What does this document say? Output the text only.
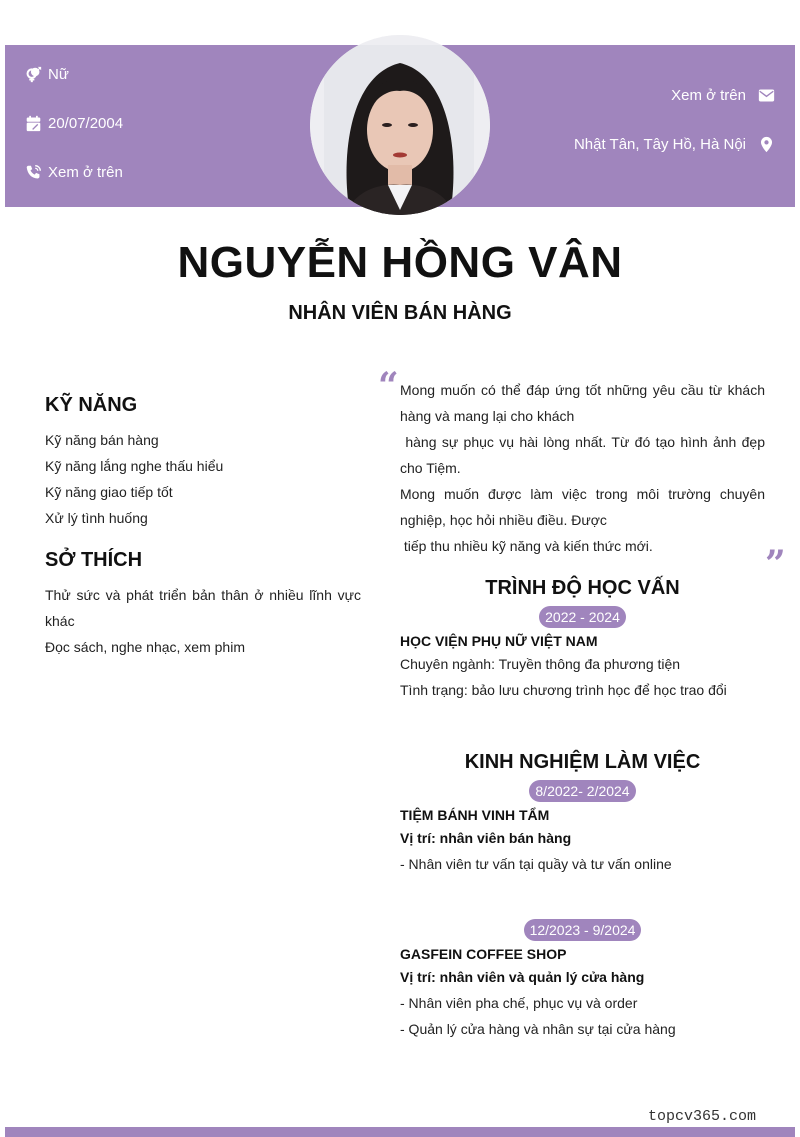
Nữ
20/07/2004
Xem ở trên
Xem ở trên
Nhật Tân, Tây Hồ, Hà Nội
NGUYỄN HỒNG VÂN
NHÂN VIÊN BÁN HÀNG
KỸ NĂNG
Kỹ năng bán hàng
Kỹ năng lắng nghe thấu hiểu
Kỹ năng giao tiếp tốt
Xử lý tình huống
SỞ THÍCH
Thử sức và phát triển bản thân ở nhiều lĩnh vực khác
Đọc sách, nghe nhạc, xem phim
“ Mong muốn có thể đáp ứng tốt những yêu cầu từ khách hàng và mang lại cho khách
hàng sự phục vụ hài lòng nhất. Từ đó tạo hình ảnh đẹp cho Tiệm.
Mong muốn được làm việc trong môi trường chuyên nghiệp, học hỏi nhiều điều. Được
tiếp thu nhiều kỹ năng và kiến thức mới.	”
TRÌNH ĐỘ HỌC VẤN
2022 - 2024
HỌC VIỆN PHỤ NỮ VIỆT NAM
Chuyên ngành: Truyền thông đa phương tiện
Tình trạng: bảo lưu chương trình học để học trao đổi
KINH NGHIỆM LÀM VIỆC
8/2022- 2/2024
TIỆM BÁNH VINH TẨM
Vị trí: nhân viên bán hàng
- Nhân viên tư vấn tại quầy và tư vấn online
12/2023 - 9/2024
GASFEIN COFFEE SHOP
Vị trí: nhân viên và quản lý cửa hàng
- Nhân viên pha chế, phục vụ và order
- Quản lý cửa hàng và nhân sự tại cửa hàng
topcv365.com
